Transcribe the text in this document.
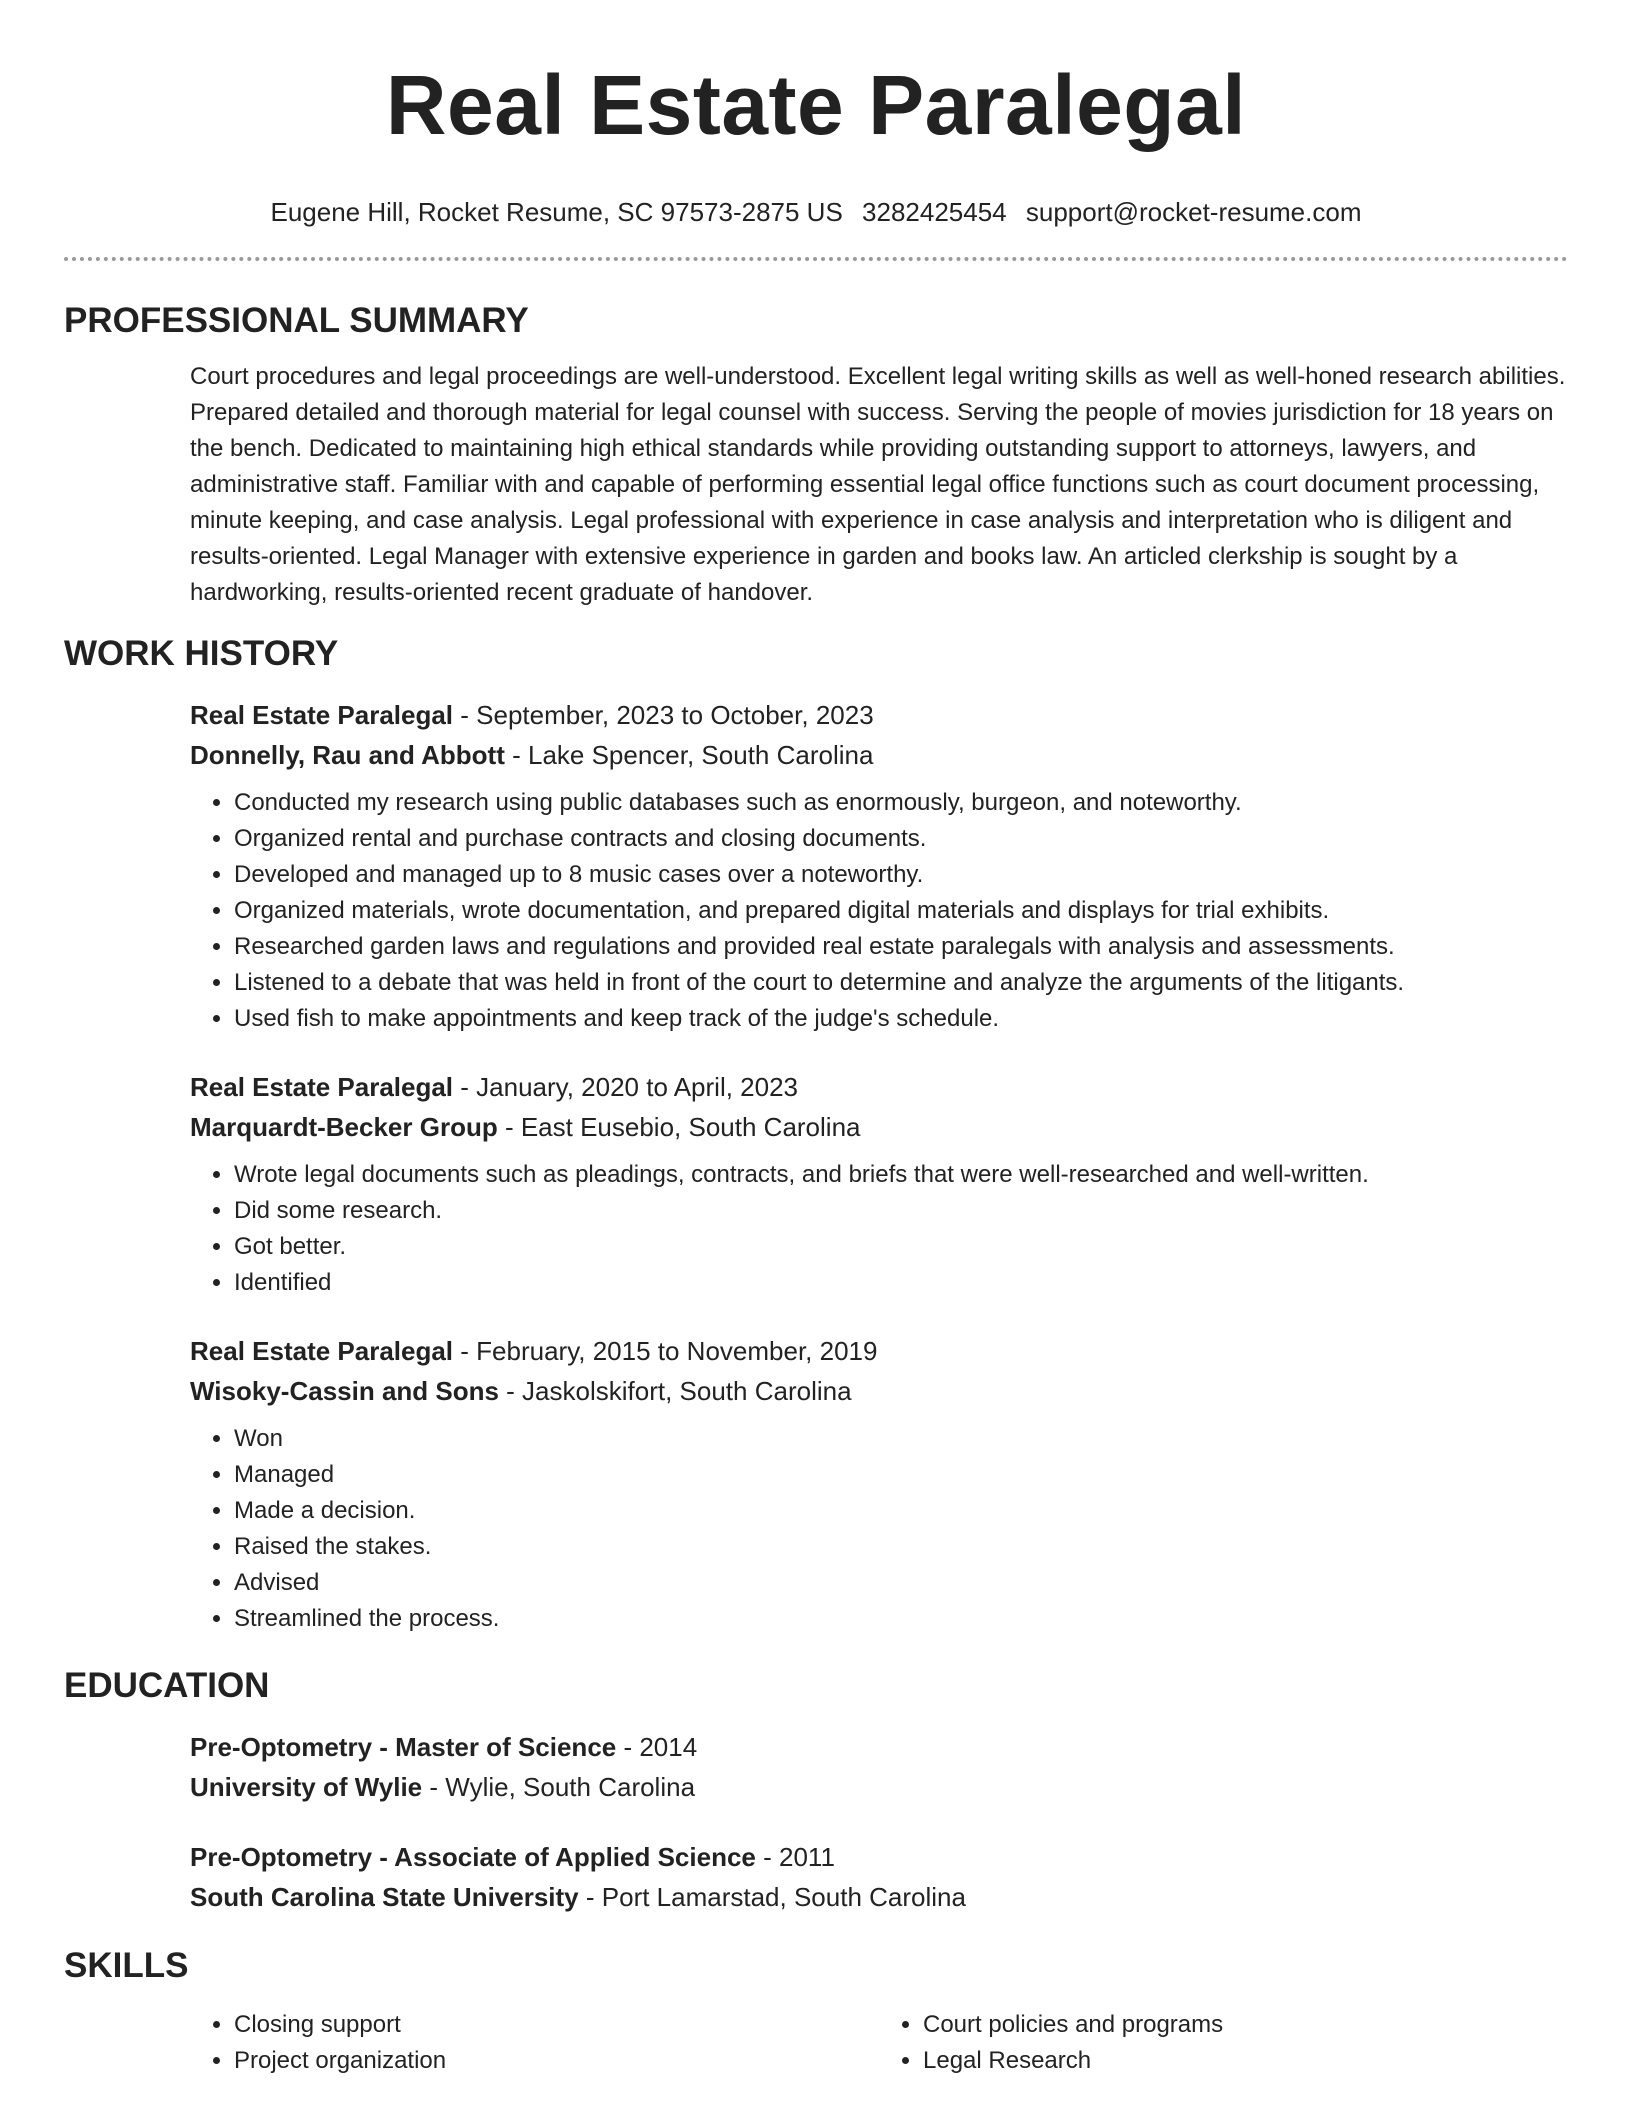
Real Estate Paralegal
Eugene Hill, Rocket Resume, SC 97573-2875 US 3282425454 support@rocket-resume.com
PROFESSIONAL SUMMARY

Court procedures and legal proceedings are well-understood. Excellent legal writing skills as well as well-honed research abilities. Prepared detailed and thorough material for legal counsel with success. Serving the people of movies jurisdiction for 18 years on the bench. Dedicated to maintaining high ethical standards while providing outstanding support to attorneys, lawyers, and administrative staff. Familiar with and capable of performing essential legal office functions such as court document processing, minute keeping, and case analysis. Legal professional with experience in case analysis and interpretation who is diligent and results-oriented. Legal Manager with extensive experience in garden and books law. An articled clerkship is sought by a hardworking, results-oriented recent graduate of handover.

WORK HISTORY

Real Estate Paralegal - September, 2023 to October, 2023

Donnelly, Rau and Abbott - Lake Spencer, South Carolina

• Conducted my research using public databases such as enormously, burgeon, and noteworthy.
• Organized rental and purchase contracts and closing documents.
• Developed and managed up to 8 music cases over a noteworthy.
• Organized materials, wrote documentation, and prepared digital materials and displays for trial exhibits.
• Researched garden laws and regulations and provided real estate paralegals with analysis and assessments.
• Listened to a debate that was held in front of the court to determine and analyze the arguments of the litigants.
• Used fish to make appointments and keep track of the judge's schedule.

Real Estate Paralegal - January, 2020 to April, 2023

Marquardt-Becker Group - East Eusebio, South Carolina

• Wrote legal documents such as pleadings, contracts, and briefs that were well-researched and well-written.
• Did some research.
• Got better.
• Identified

Real Estate Paralegal - February, 2015 to November, 2019

Wisoky-Cassin and Sons - Jaskolskifort, South Carolina

• Won
• Managed
• Made a decision.
• Raised the stakes.
• Advised
• Streamlined the process.
EDUCATION

Pre-Optometry - Master of Science - 2014

University of Wylie - Wylie, South Carolina

Pre-Optometry - Associate of Applied Science - 2011

South Carolina State University - Port Lamarstad, South Carolina

SKILLS
• Closing support
• Project organization
• Court policies and programs
• Legal Research
